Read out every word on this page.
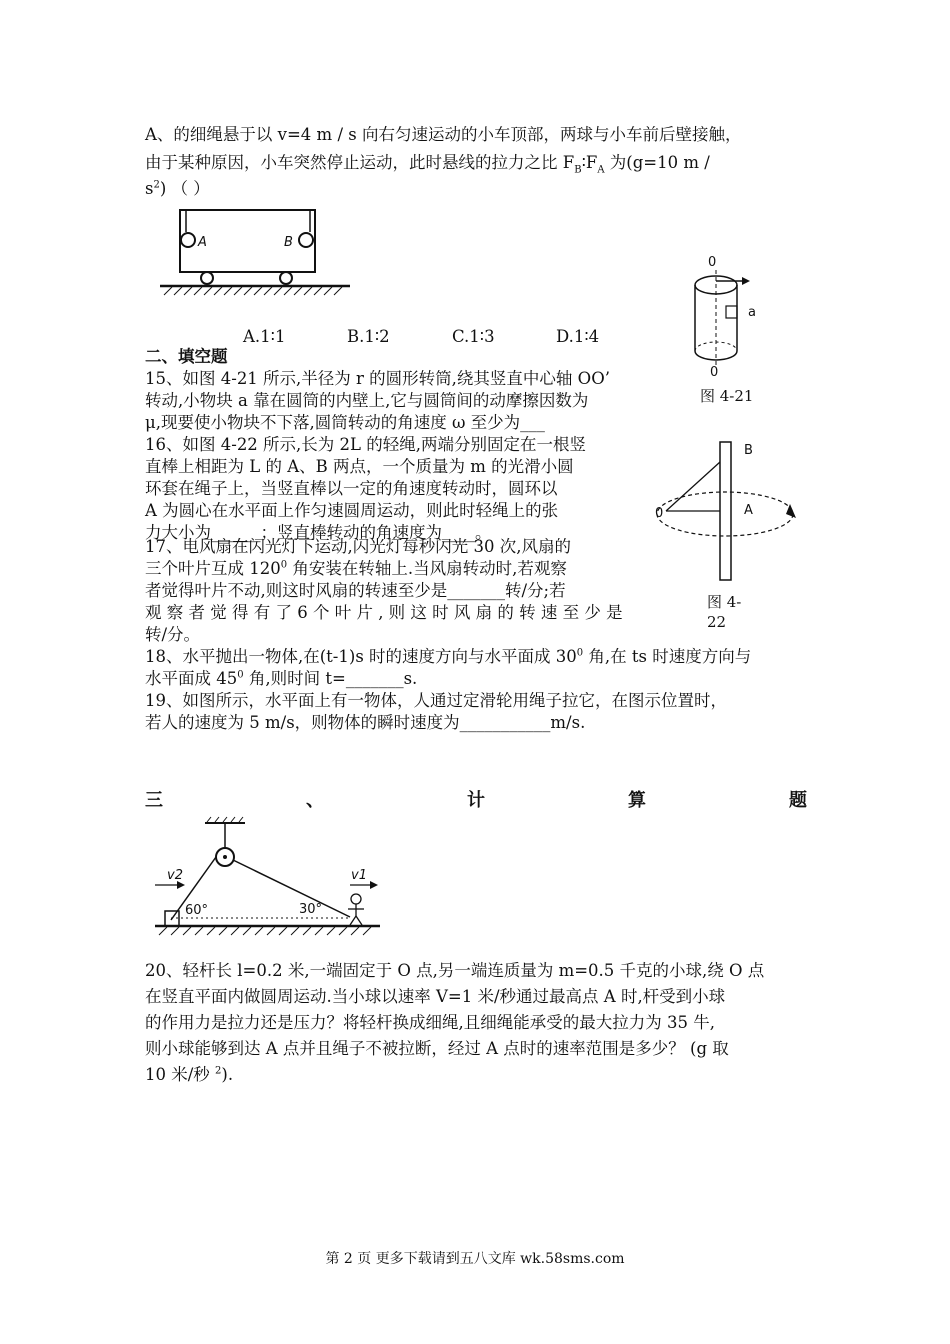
A、的细绳悬于以 v=4 m / s 向右匀速运动的小车顶部，两球与小车前后壁接触，
由于某种原因，小车突然停止运动，此时悬线的拉力之比 $F_B∶F_A$ 为(g=10 m /
$s^2$) （ ）
A	B
A.1∶1	B.1∶2	C.1∶3	D.1∶4
0
a
0
图 4-21
二、填空题
15、如图 4-21 所示,半径为 r 的圆形转筒,绕其竖直中心轴 OO’
转动,小物块 a 靠在圆筒的内壁上,它与圆筒间的动摩擦因数为
μ,现要使小物块不下落,圆筒转动的角速度 ω 至少为___
16、如图 4-22 所示,长为 2L 的轻绳,两端分别固定在一根竖
直棒上相距为 L 的 A、B 两点，一个质量为 m 的光滑小圆
环套在绳子上，当竖直棒以一定的角速度转动时，圆环以
A 为圆心在水平面上作匀速圆周运动，则此时轻绳上的张
力大小为______；竖直棒转动的角速度为____。
B
A
0
图 4-
22
17、电风扇在闪光灯下运动,闪光灯每秒闪光 30 次,风扇的
三个叶片互成 $120^0$ 角安装在转轴上.当风扇转动时,若观察
者觉得叶片不动,则这时风扇的转速至少是_______转/分;若
观 察 者 觉 得 有 了 6 个 叶 片 , 则 这 时 风 扇 的 转 速 至 少 是
转/分。
18、水平抛出一物体,在(t-1)s 时的速度方向与水平面成 $30^0$ 角,在 ts 时速度方向与
水平面成 $45^0$ 角,则时间 t=_______s.
19、如图所示，水平面上有一物体，人通过定滑轮用绳子拉它，在图示位置时，
若人的速度为 5 m/s，则物体的瞬时速度为___________m/s.
三	、	计	算	题
v2	v1
60°	30°
20、轻杆长 l=0.2 米,一端固定于 O 点,另一端连质量为 m=0.5 千克的小球,绕 O 点
在竖直平面内做圆周运动.当小球以速率 V=1 米/秒通过最高点 A 时,杆受到小球
的作用力是拉力还是压力？将轻杆换成细绳,且细绳能承受的最大拉力为 35 牛,
则小球能够到达 A 点并且绳子不被拉断，经过 A 点时的速率范围是多少？ (g 取
10 米/秒 $^2$).
第 2 页 更多下载请到五八文库 wk.58sms.com
